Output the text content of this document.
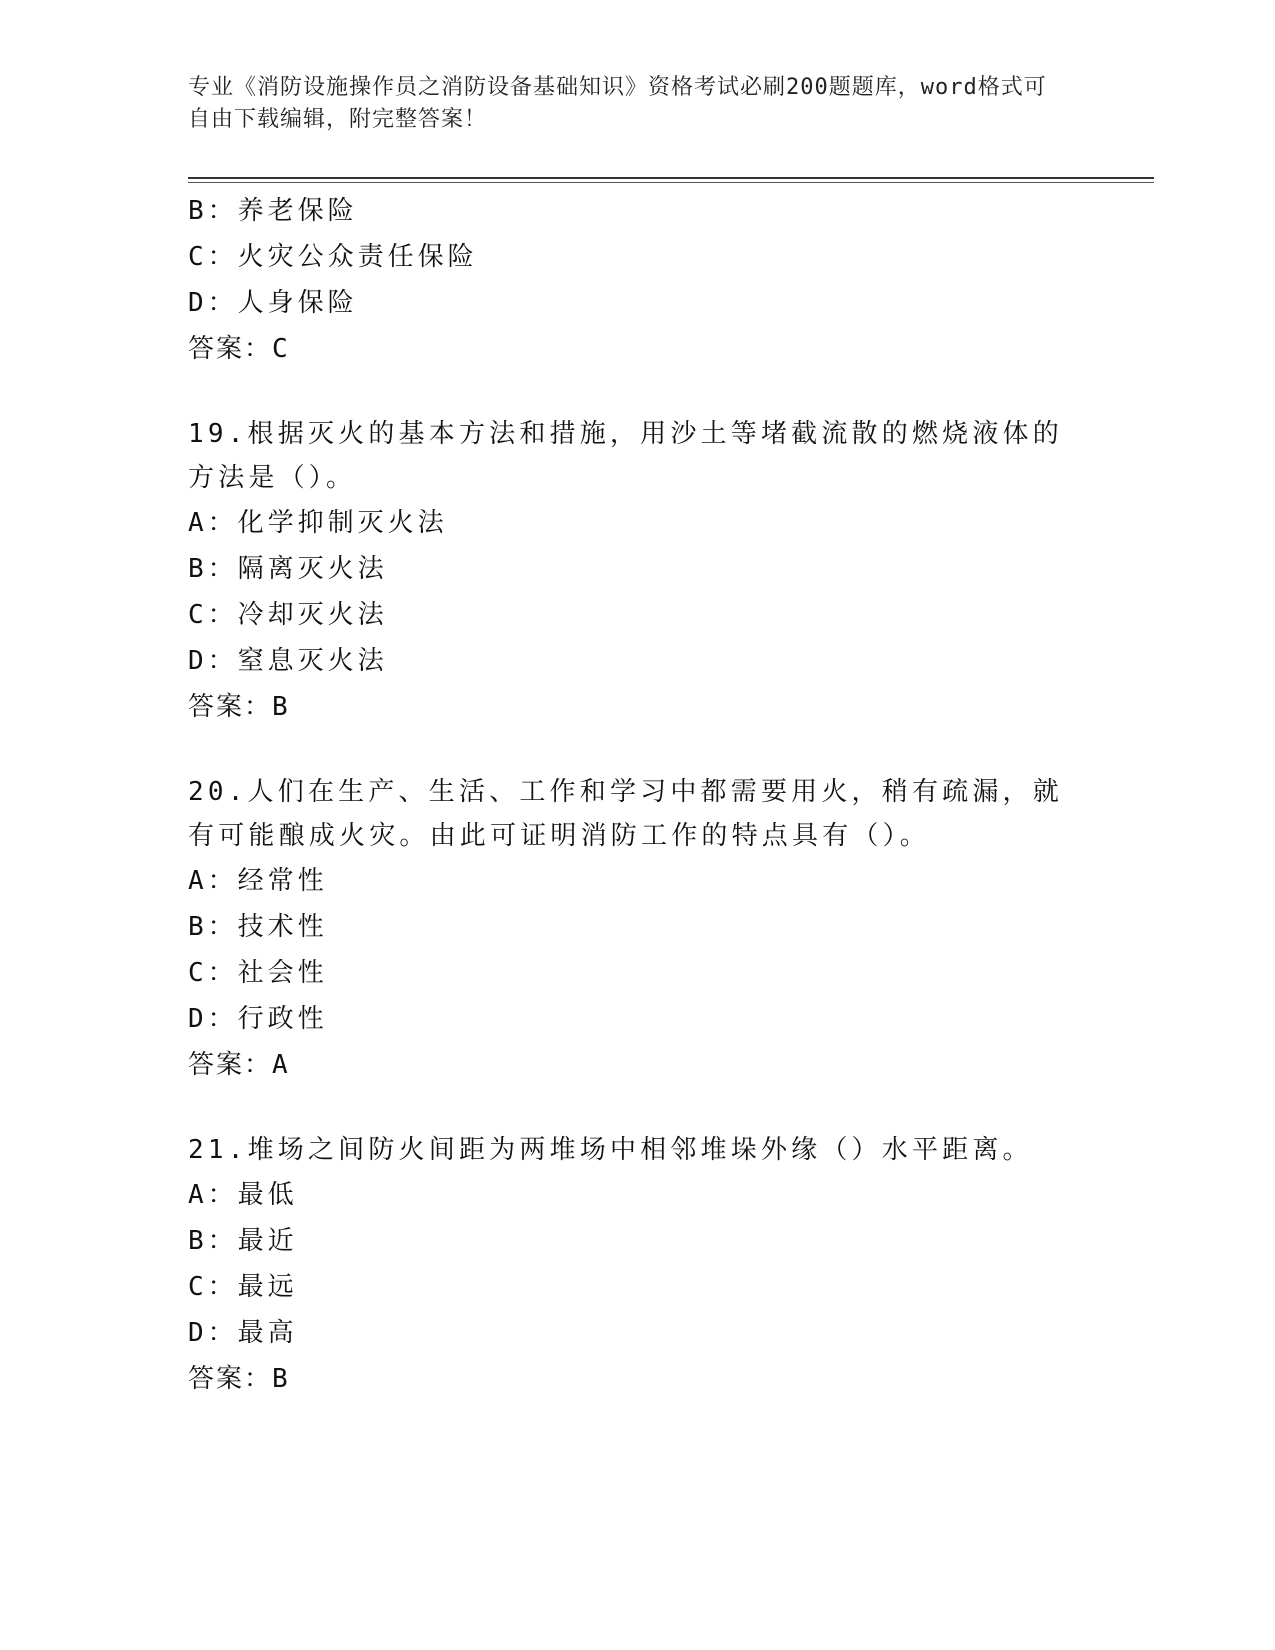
专业《消防设施操作员之消防设备基础知识》资格考试必刷200题题库，word格式可自由下载编辑，附完整答案！

B：养老保险

C：火灾公众责任保险

D：人身保险

答案：C

19.根据灭火的基本方法和措施，用沙土等堵截流散的燃烧液体的方法是（）。

A：化学抑制灭火法

B：隔离灭火法

C：冷却灭火法

D：窒息灭火法

答案：B

20.人们在生产、生活、工作和学习中都需要用火，稍有疏漏，就有可能酿成火灾。由此可证明消防工作的特点具有（）。

A：经常性

B：技术性

C：社会性

D：行政性

答案：A

21.堆场之间防火间距为两堆场中相邻堆垛外缘（）水平距离。

A：最低

B：最近

C：最远

D：最高

答案：B
